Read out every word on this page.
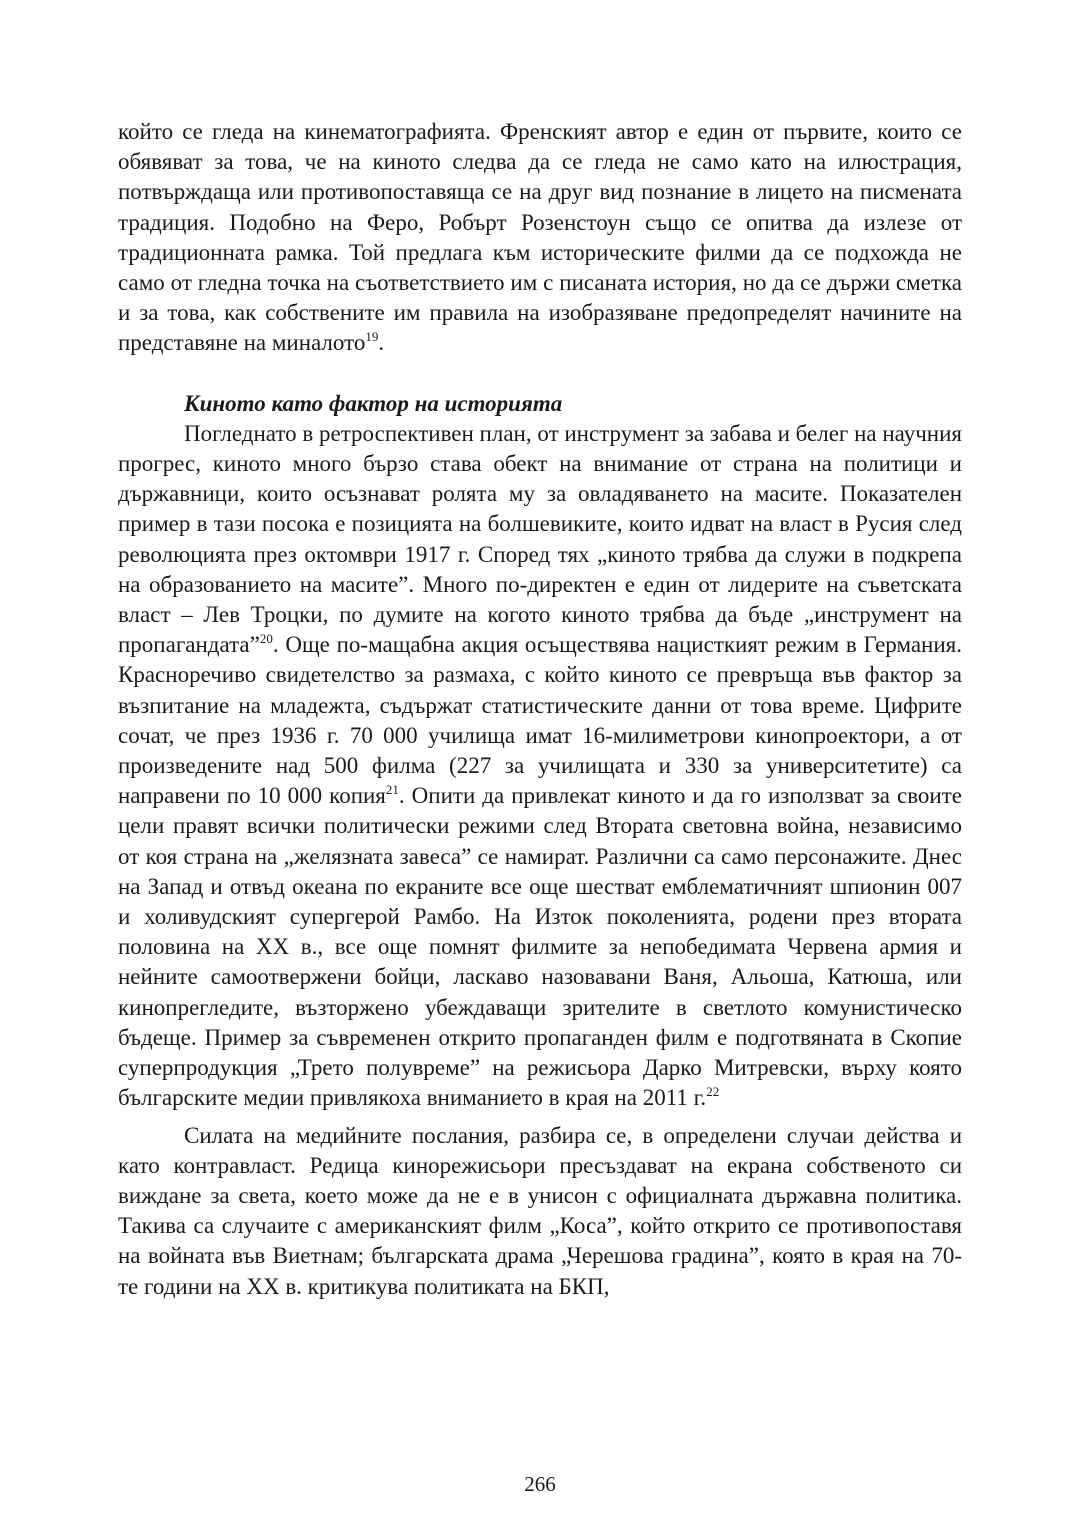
който се гледа на кинематографията. Френският автор е един от първите, които се обявяват за това, че на киното следва да се гледа не само като на илюстрация, потвърждаща или противопоставяща се на друг вид познание в лицето на писмената традиция. Подобно на Феро, Робърт Розенстоун също се опитва да излезе от традиционната рамка. Той предлага към историческите филми да се подхожда не само от гледна точка на съответствието им с писаната история, но да се държи сметка и за това, как собствените им правила на изобразяване предопределят начините на представяне на миналото$^{19}$.

Киното като фактор на историята

Погледнато в ретроспективен план, от инструмент за забава и белег на научния прогрес, киното много бързо става обект на внимание от страна на политици и държавници, които осъзнават ролята му за овладяването на масите. Показателен пример в тази посока е позицията на болшевиките, които идват на власт в Русия след революцията през октомври 1917 г. Според тях „киното трябва да служи в подкрепа на образованието на масите”. Много по-директен е един от лидерите на съветската власт – Лев Троцки, по думите на когото киното трябва да бъде „инструмент на пропагандата”$^{20}$. Още по-мащабна акция осъществява нацисткият режим в Германия. Красноречиво свидетелство за размаха, с който киното се превръща във фактор за възпитание на младежта, съдържат статистическите данни от това време. Цифрите сочат, че през 1936 г. 70 000 училища имат 16-милиметрови кинопроектори, а от произведените над 500 филма (227 за училищата и 330 за университетите) са направени по 10 000 копия$^{21}$. Опити да привлекат киното и да го използват за своите цели правят всички политически режими след Втората световна война, независимо от коя страна на „желязната завеса” се намират. Различни са само персонажите. Днес на Запад и отвъд океана по екраните все още шестват емблематичният шпионин 007 и холивудският супергерой Рамбо. На Изток поколенията, родени през втората половина на XX в., все още помнят филмите за непобедимата Червена армия и нейните самоотвержени бойци, ласкаво назовавани Ваня, Альоша, Катюша, или кинопрегледите, възторжено убеждаващи зрителите в светлото комунистическо бъдеще. Пример за съвременен открито пропаганден филм е подготвяната в Скопие суперпродукция „Трето полувреме” на режисьора Дарко Митревски, върху която българските медии привлякоха вниманието в края на 2011 г.$^{22}$

Силата на медийните послания, разбира се, в определени случаи действа и като контравласт. Редица кинорежисьори пресъздават на екрана собственото си виждане за света, което може да не е в унисон с официалната държавна политика. Такива са случаите с американският филм „Коса”, който открито се противопоставя на войната във Виетнам; българската драма „Черешова градина”, която в края на 70-те години на XX в. критикува политиката на БКП,

266
